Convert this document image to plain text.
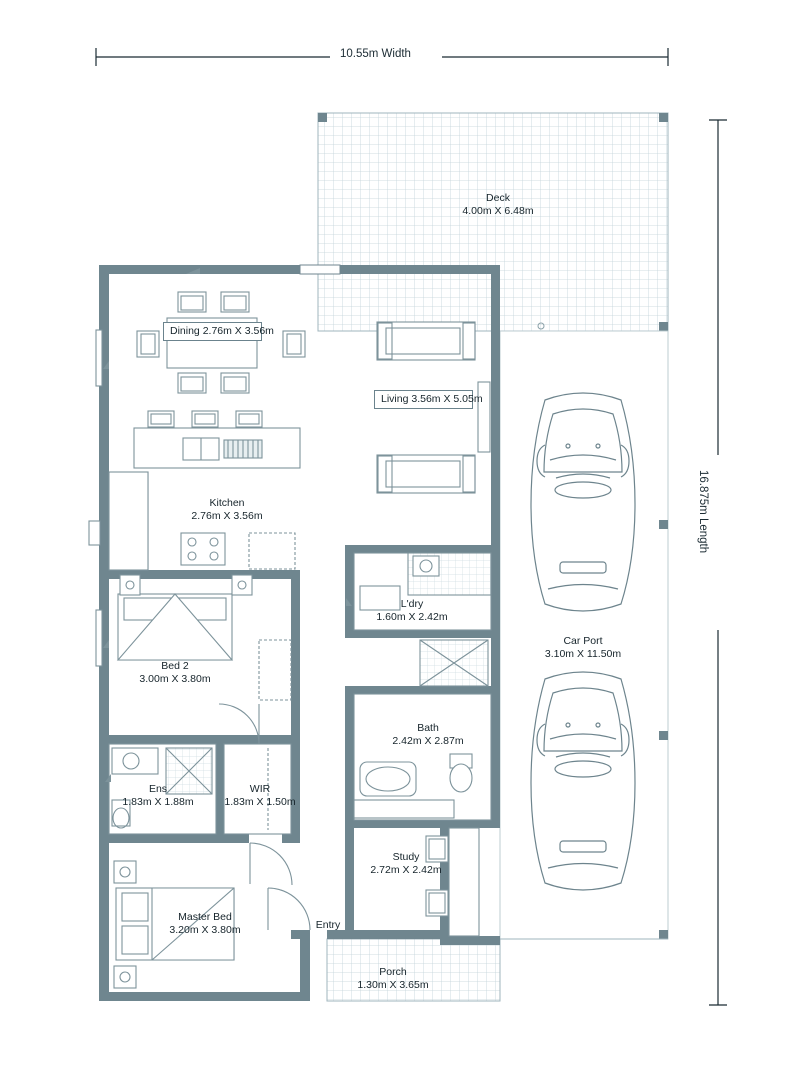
10.55m Width
16.875m Length
Deck
4.00m X 6.48m
Dining 2.76m X 3.56m
Living 3.56m X 5.05m
Kitchen
2.76m X 3.56m
Bed 2
3.00m X 3.80m
L'dry
1.60m X 2.42m
Bath
2.42m X 2.87m
Ens
1.83m X 1.88m
WIR
1.83m X 1.50m
Study
2.72m X 2.42m
Master Bed
3.20m X 3.80m
Car Port
3.10m X 11.50m
Porch
1.30m X 3.65m
Entry
